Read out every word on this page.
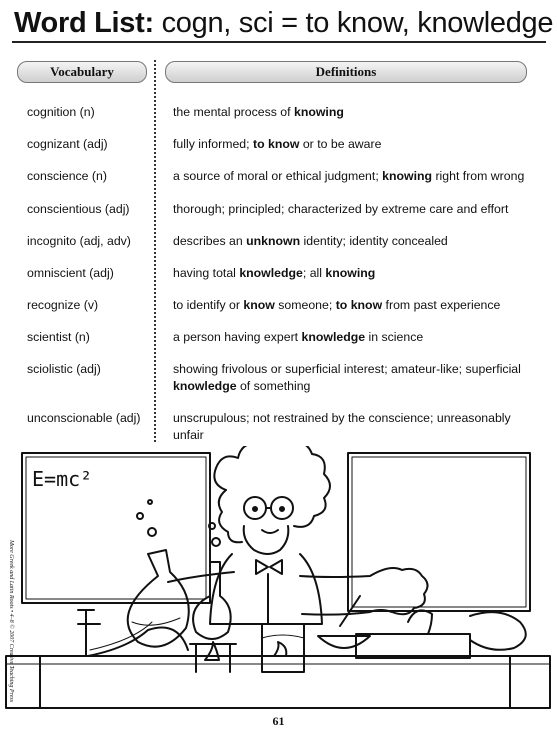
Word List: cogn, sci = to know, knowledge
Vocabulary	Definitions
cognition (n)	the mental process of knowing
cognizant (adj)	fully informed; to know or to be aware
conscience (n)	a source of moral or ethical judgment; knowing right from wrong
conscientious (adj)	thorough; principled; characterized by extreme care and effort
incognito (adj, adv)	describes an unknown identity; identity concealed
omniscient (adj)	having total knowledge; all knowing
recognize (v)	to identify or know someone; to know from past experience
scientist (n)	a person having expert knowledge in science
sciolistic (adj)	showing frivolous or superficial interest; amateur-like; superficial knowledge of something
unconscionable (adj)	unscrupulous; not restrained by the conscience; unreasonably unfair
E=mc²
More Greek and Latin Roots • 4–8 © 2007 Creative Teaching Press
61
